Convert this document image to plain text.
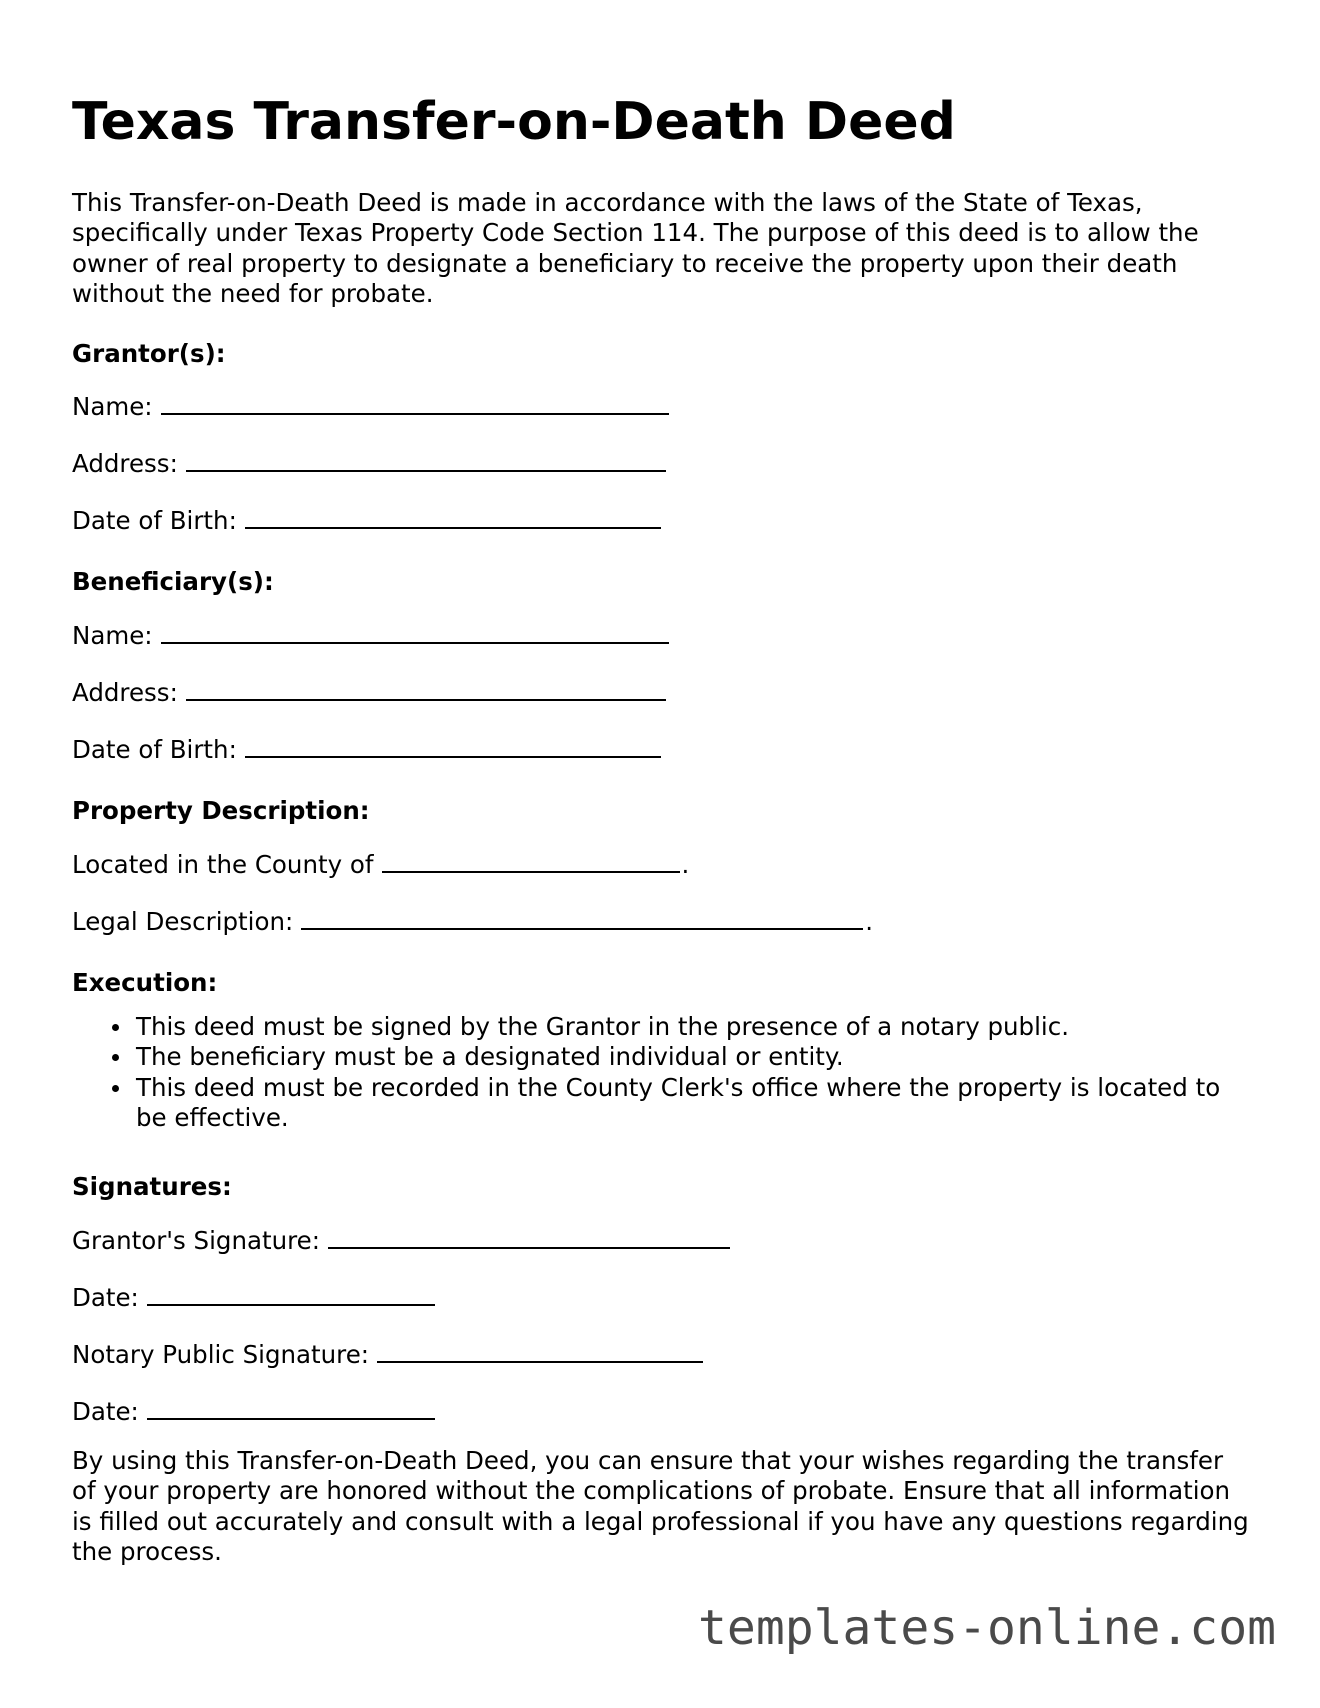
Texas Transfer-on-Death Deed

This Transfer-on-Death Deed is made in accordance with the laws of the State of Texas, specifically under Texas Property Code Section 114. The purpose of this deed is to allow the owner of real property to designate a beneficiary to receive the property upon their death without the need for probate.

Grantor(s):
Name:
Address:
Date of Birth:
Beneficiary(s):
Name:
Address:
Date of Birth:
Property Description:
Located in the County of	.
Legal Description:	.
Execution:
This deed must be signed by the Grantor in the presence of a notary public.
The beneficiary must be a designated individual or entity.
This deed must be recorded in the County Clerk's office where the property is located to be effective.
Signatures:
Grantor's Signature:
Date:
Notary Public Signature:
Date:

By using this Transfer-on-Death Deed, you can ensure that your wishes regarding the transfer of your property are honored without the complications of probate. Ensure that all information is filled out accurately and consult with a legal professional if you have any questions regarding the process.

templates-online.com
